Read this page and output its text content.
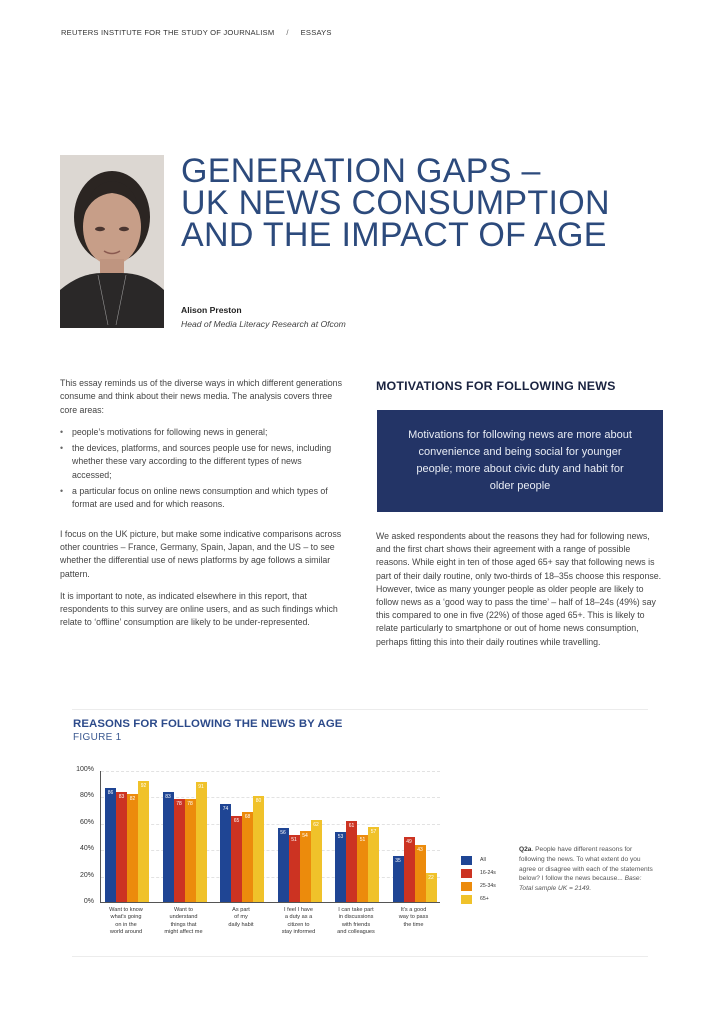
REUTERS INSTITUTE FOR THE STUDY OF JOURNALISM / ESSAYS
GENERATION GAPS –
UK NEWS CONSUMPTION
AND THE IMPACT OF AGE
Alison Preston
Head of Media Literacy Research at Ofcom

This essay reminds us of the diverse ways in which different generations consume and think about their news media. The analysis covers three core areas:

• people’s motivations for following news in general;
• the devices, platforms, and sources people use for news, including whether these vary according to the different types of news accessed;
• a particular focus on online news consumption and which types of format are used and for which reasons.

I focus on the UK picture, but make some indicative comparisons across other countries – France, Germany, Spain, Japan, and the US – to see whether the differential use of news platforms by age follows a similar pattern.

It is important to note, as indicated elsewhere in this report, that respondents to this survey are online users, and as such findings which relate to ‘offline’ consumption are likely to be under-represented.

MOTIVATIONS FOR FOLLOWING NEWS
Motivations for following news are more about convenience and being social for younger people; more about civic duty and habit for older people

We asked respondents about the reasons they had for following news, and the first chart shows their agreement with a range of possible reasons. While eight in ten of those aged 65+ say that following news is part of their daily routine, only two-thirds of 18–35s choose this response. However, twice as many younger people as older people are likely to follow news as a ‘good way to pass the time’ – half of 18–24s (49%) say this compared to one in five (22%) of those aged 65+. This is likely to relate particularly to smartphone or out of home news consumption, perhaps fitting this into their daily routines while travelling.

REASONS FOR FOLLOWING THE NEWS BY AGE
FIGURE 1
86
83	82
92
83
78	78
91
74
65
68
80
56
51
54
62
53
61
51
57
35
49
43
22
0%
20%
40%
60%
80%
100%
Want to know
what's going
on in the
world around
Want to
understand
things that
might affect me
As part
of my
daily habit
I feel I have
a duty as a
citizen to
stay informed
I can take part
in discussions
with friends
and colleagues
It's a good
way to pass
the time
All
16-24s
25-34s
65+
Q2a. People have different reasons for following the news. To what extent do you agree or disagree with each of the statements below? I follow the news because... Base: Total sample UK = 2149.
